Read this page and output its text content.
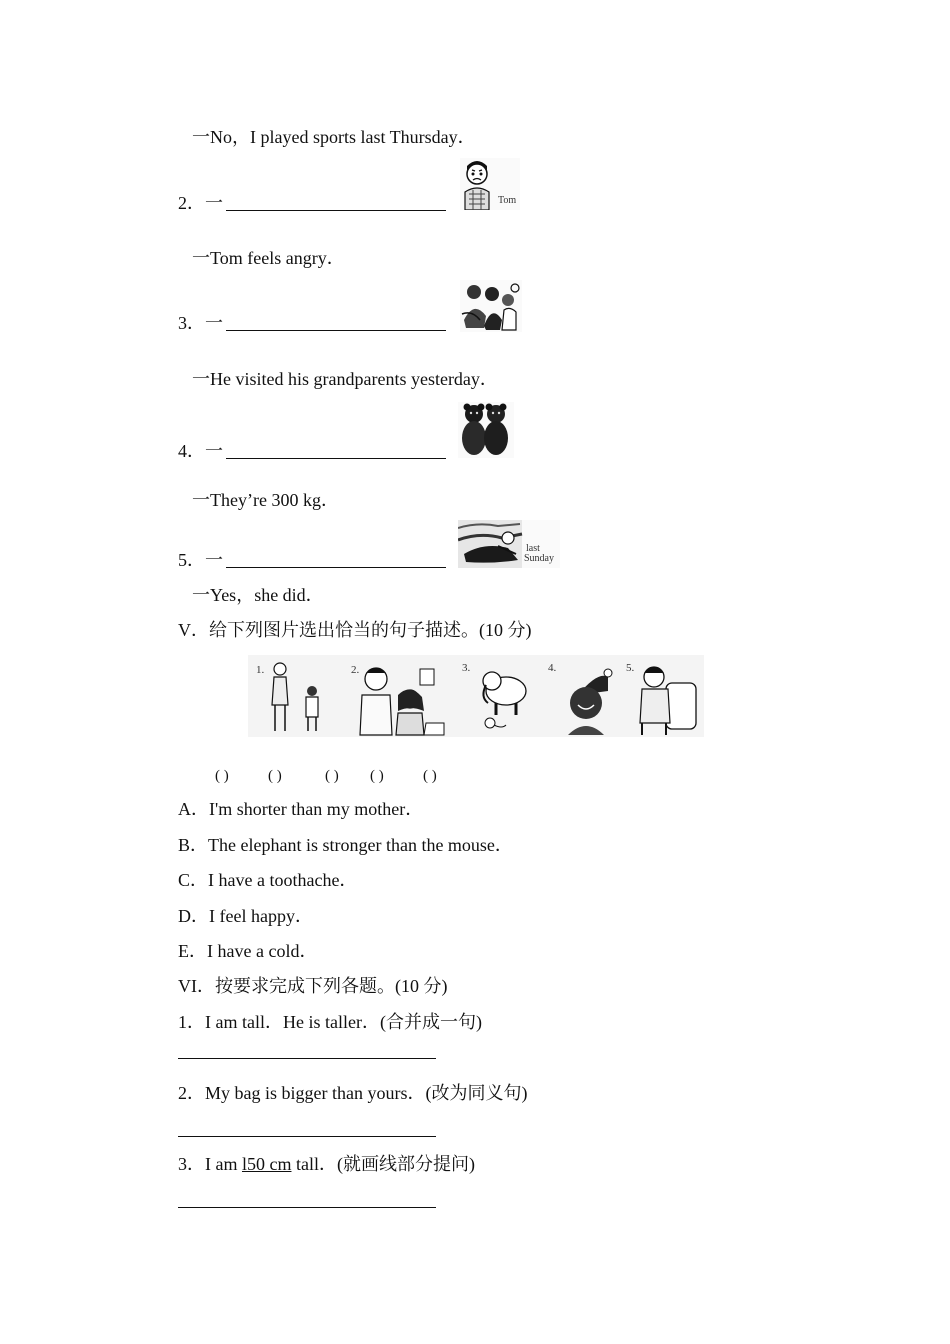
一No，I played sports last Thursday．
2．一	Tom
一Tom feels angry．
3．一
一He visited his grandparents yesterday．
4．一
一They’re 300 kg．
5．一
last
Sunday
一Yes，she did．
V．给下列图片选出恰当的句子描述。(10 分)
1.	2.	3.	4.	5.
( )	( )	( ) ( )	( )
A．I'm shorter than my mother．
B．The elephant is stronger than the mouse．
C．I have a toothache．
D．I feel happy．
E．I have a cold．
VI．按要求完成下列各题。(10 分)
1．I am tall．He is taller．(合并成一句)
2．My bag is bigger than yours．(改为同义句)
3．I am l50 cm tall．(就画线部分提问)
